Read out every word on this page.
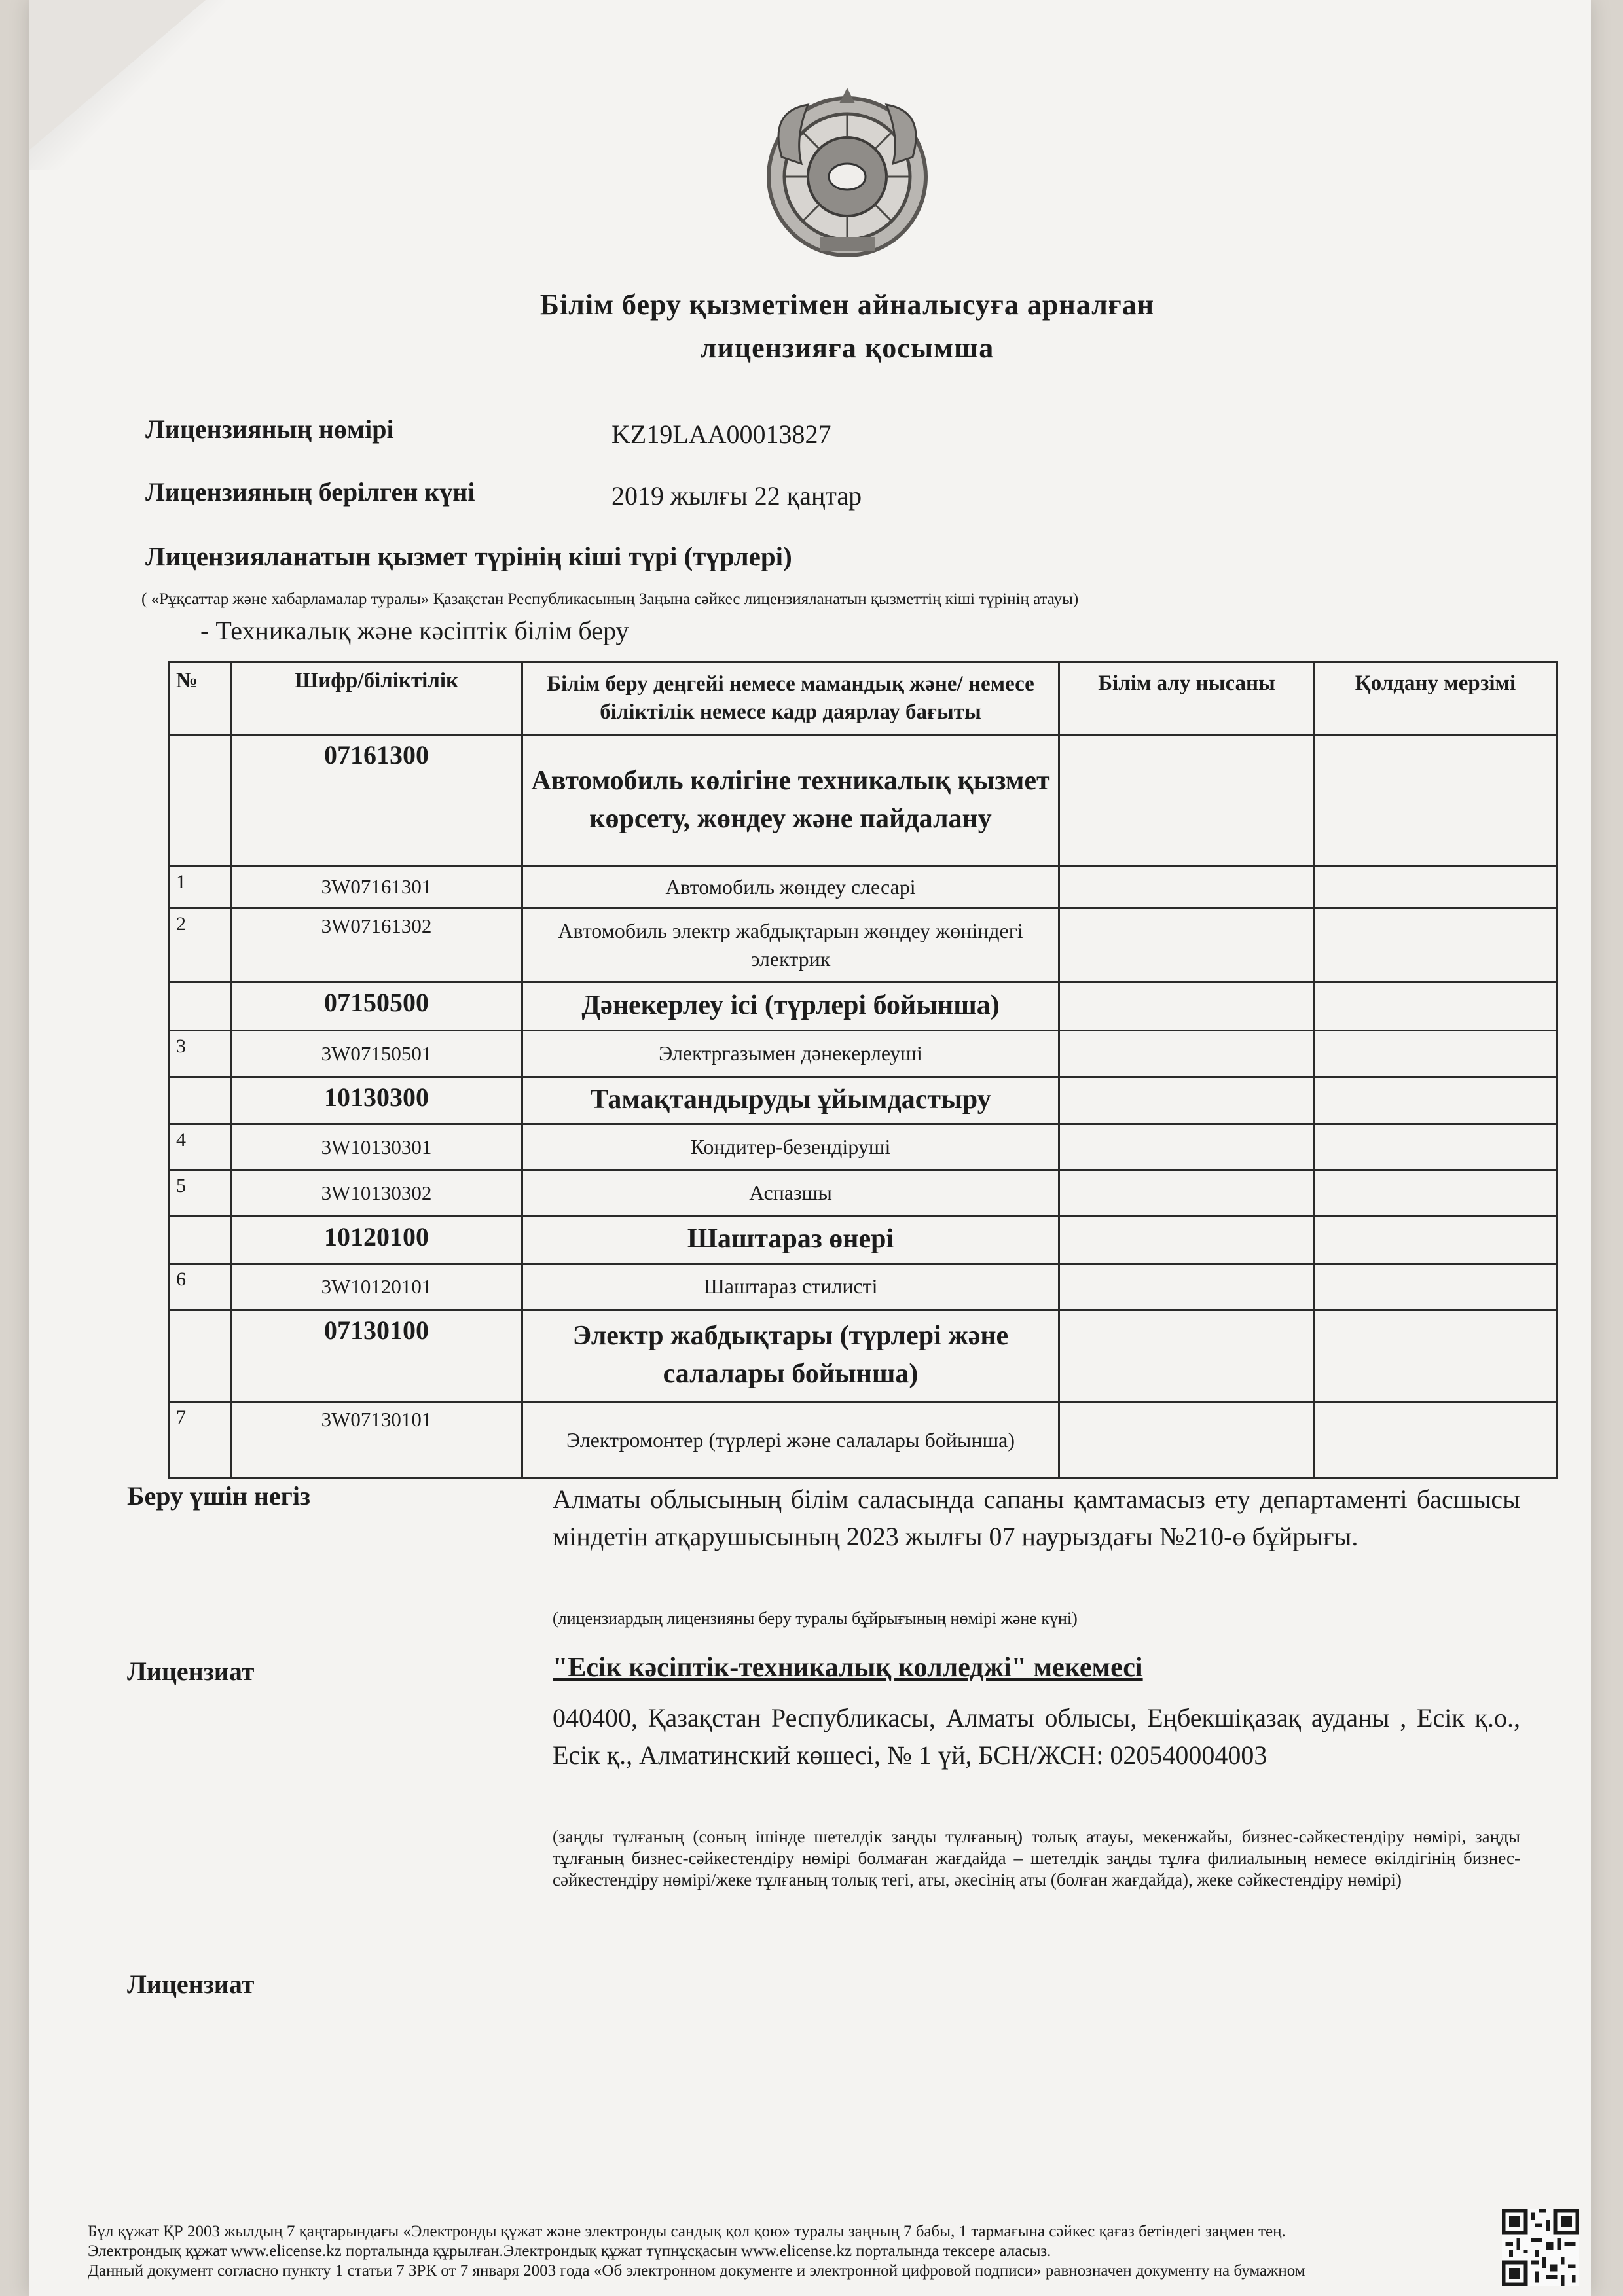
Білім беру қызметімен айналысуға арналған
лицензияға қосымша
Лицензияның нөмірі	KZ19LAA00013827
Лицензияның берілген күні	2019 жылғы 22 қаңтар
Лицензияланатын қызмет түрінің кіші түрі (түрлері)
( «Рұқсаттар және хабарламалар туралы» Қазақстан Республикасының Заңына сәйкес лицензияланатын қызметтің кіші түрінің атауы)
- Техникалық және кәсіптік білім беру
№	Шифр/біліктілік	Білім беру деңгейі немесе мамандық және/ немесе біліктілік немесе кадр даярлау бағыты	Білім алу нысаны	Қолдану мерзімі
	07161300	Автомобиль көлігіне техникалық қызмет көрсету, жөндеу және пайдалану		
1	3W07161301	Автомобиль жөндеу слесарі		
2	3W07161302	Автомобиль электр жабдықтарын жөндеу жөніндегі электрик		
	07150500	Дәнекерлеу ісі (түрлері бойынша)		
3	3W07150501	Электргазымен дәнекерлеуші		
	10130300	Тамақтандыруды ұйымдастыру		
4	3W10130301	Кондитер-безендіруші		
5	3W10130302	Аспазшы		
	10120100	Шаштараз өнері		
6	3W10120101	Шаштараз стилисті		
	07130100	Электр жабдықтары (түрлері және салалары бойынша)		
7	3W07130101	Электромонтер (түрлері және салалары бойынша)		
Беру үшін негіз	Алматы облысының білім саласында сапаны қамтамасыз ету департаменті басшысы міндетін атқарушысының 2023 жылғы 07 наурыздағы №210-ө бұйрығы.
(лицензиардың лицензияны беру туралы бұйрығының нөмірі және күні)
Лицензиат	"Есік кәсіптік-техникалық колледжі" мекемесі
040400, Қазақстан Республикасы, Алматы облысы, Еңбекшіқазақ ауданы , Есік қ.о., Есік қ., Алматинский көшесі, № 1 үй, БСН/ЖСН: 020540004003
(заңды тұлғаның (соның ішінде шетелдік заңды тұлғаның) толық атауы, мекенжайы, бизнес-сәйкестендіру нөмірі, заңды тұлғаның бизнес-сәйкестендіру нөмірі болмаған жағдайда – шетелдік заңды тұлға филиалының немесе өкілдігінің бизнес-сәйкестендіру нөмірі/жеке тұлғаның толық тегі, аты, әкесінің аты (болған жағдайда), жеке сәйкестендіру нөмірі)
Лицензиат
Бұл құжат ҚР 2003 жылдың 7 қаңтарындағы «Электронды құжат және электронды сандық қол қою» туралы заңның 7 бабы, 1 тармағына сәйкес қағаз бетіндегі заңмен тең.
Электрондық құжат www.elicense.kz порталында құрылған.Электрондық құжат түпнұсқасын www.elicense.kz порталында тексере аласыз.
Данный документ согласно пункту 1 статьи 7 ЗРК от 7 января 2003 года «Об электронном документе и электронной цифровой подписи» равнозначен документу на бумажном
